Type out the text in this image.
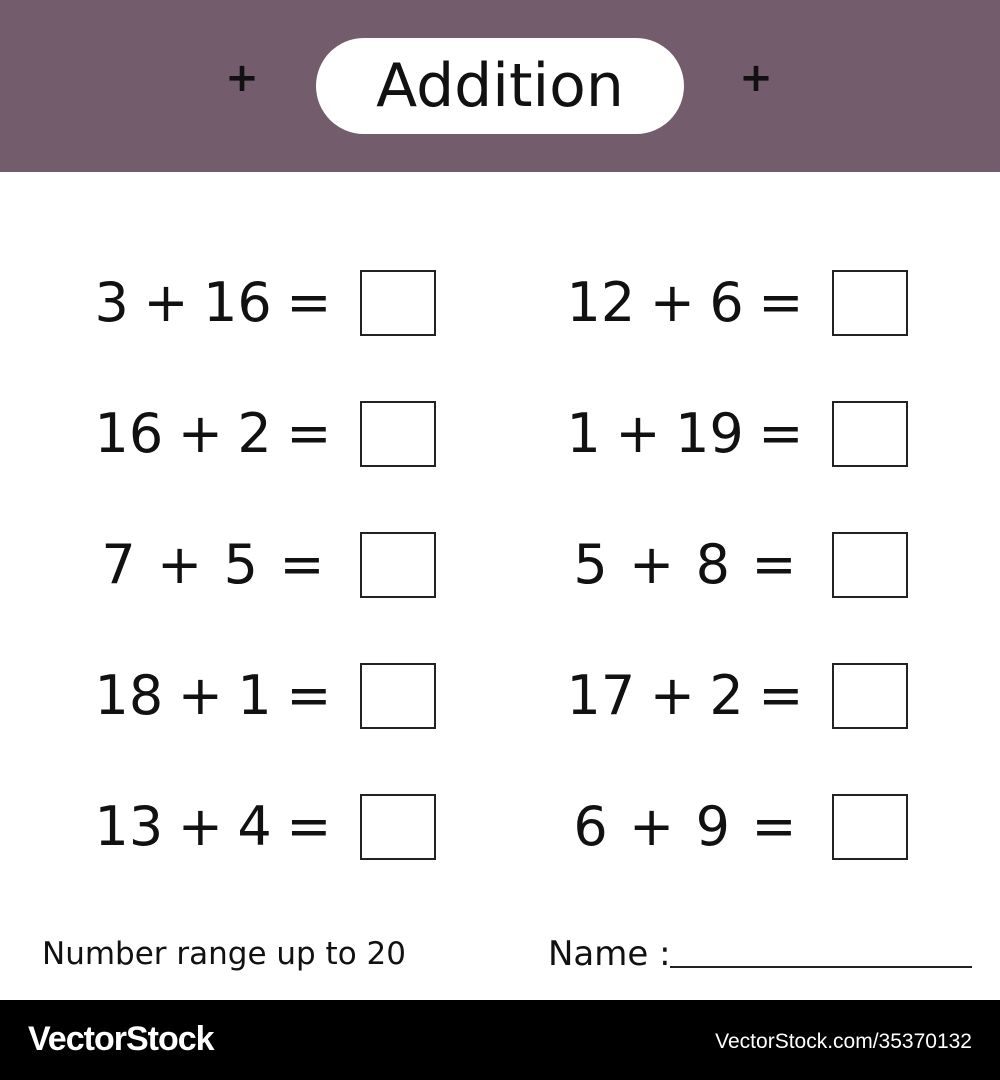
+ Addition	+
3 + 16 =
16 + 2 =
7 + 5 =
18 + 1 =
13 + 4 =
12 + 6 =
1 + 19 =
5 + 8 =
17 + 2 =
6 + 9 =
Number range up to 20	Name :
VectorStock	VectorStock.com/35370132
